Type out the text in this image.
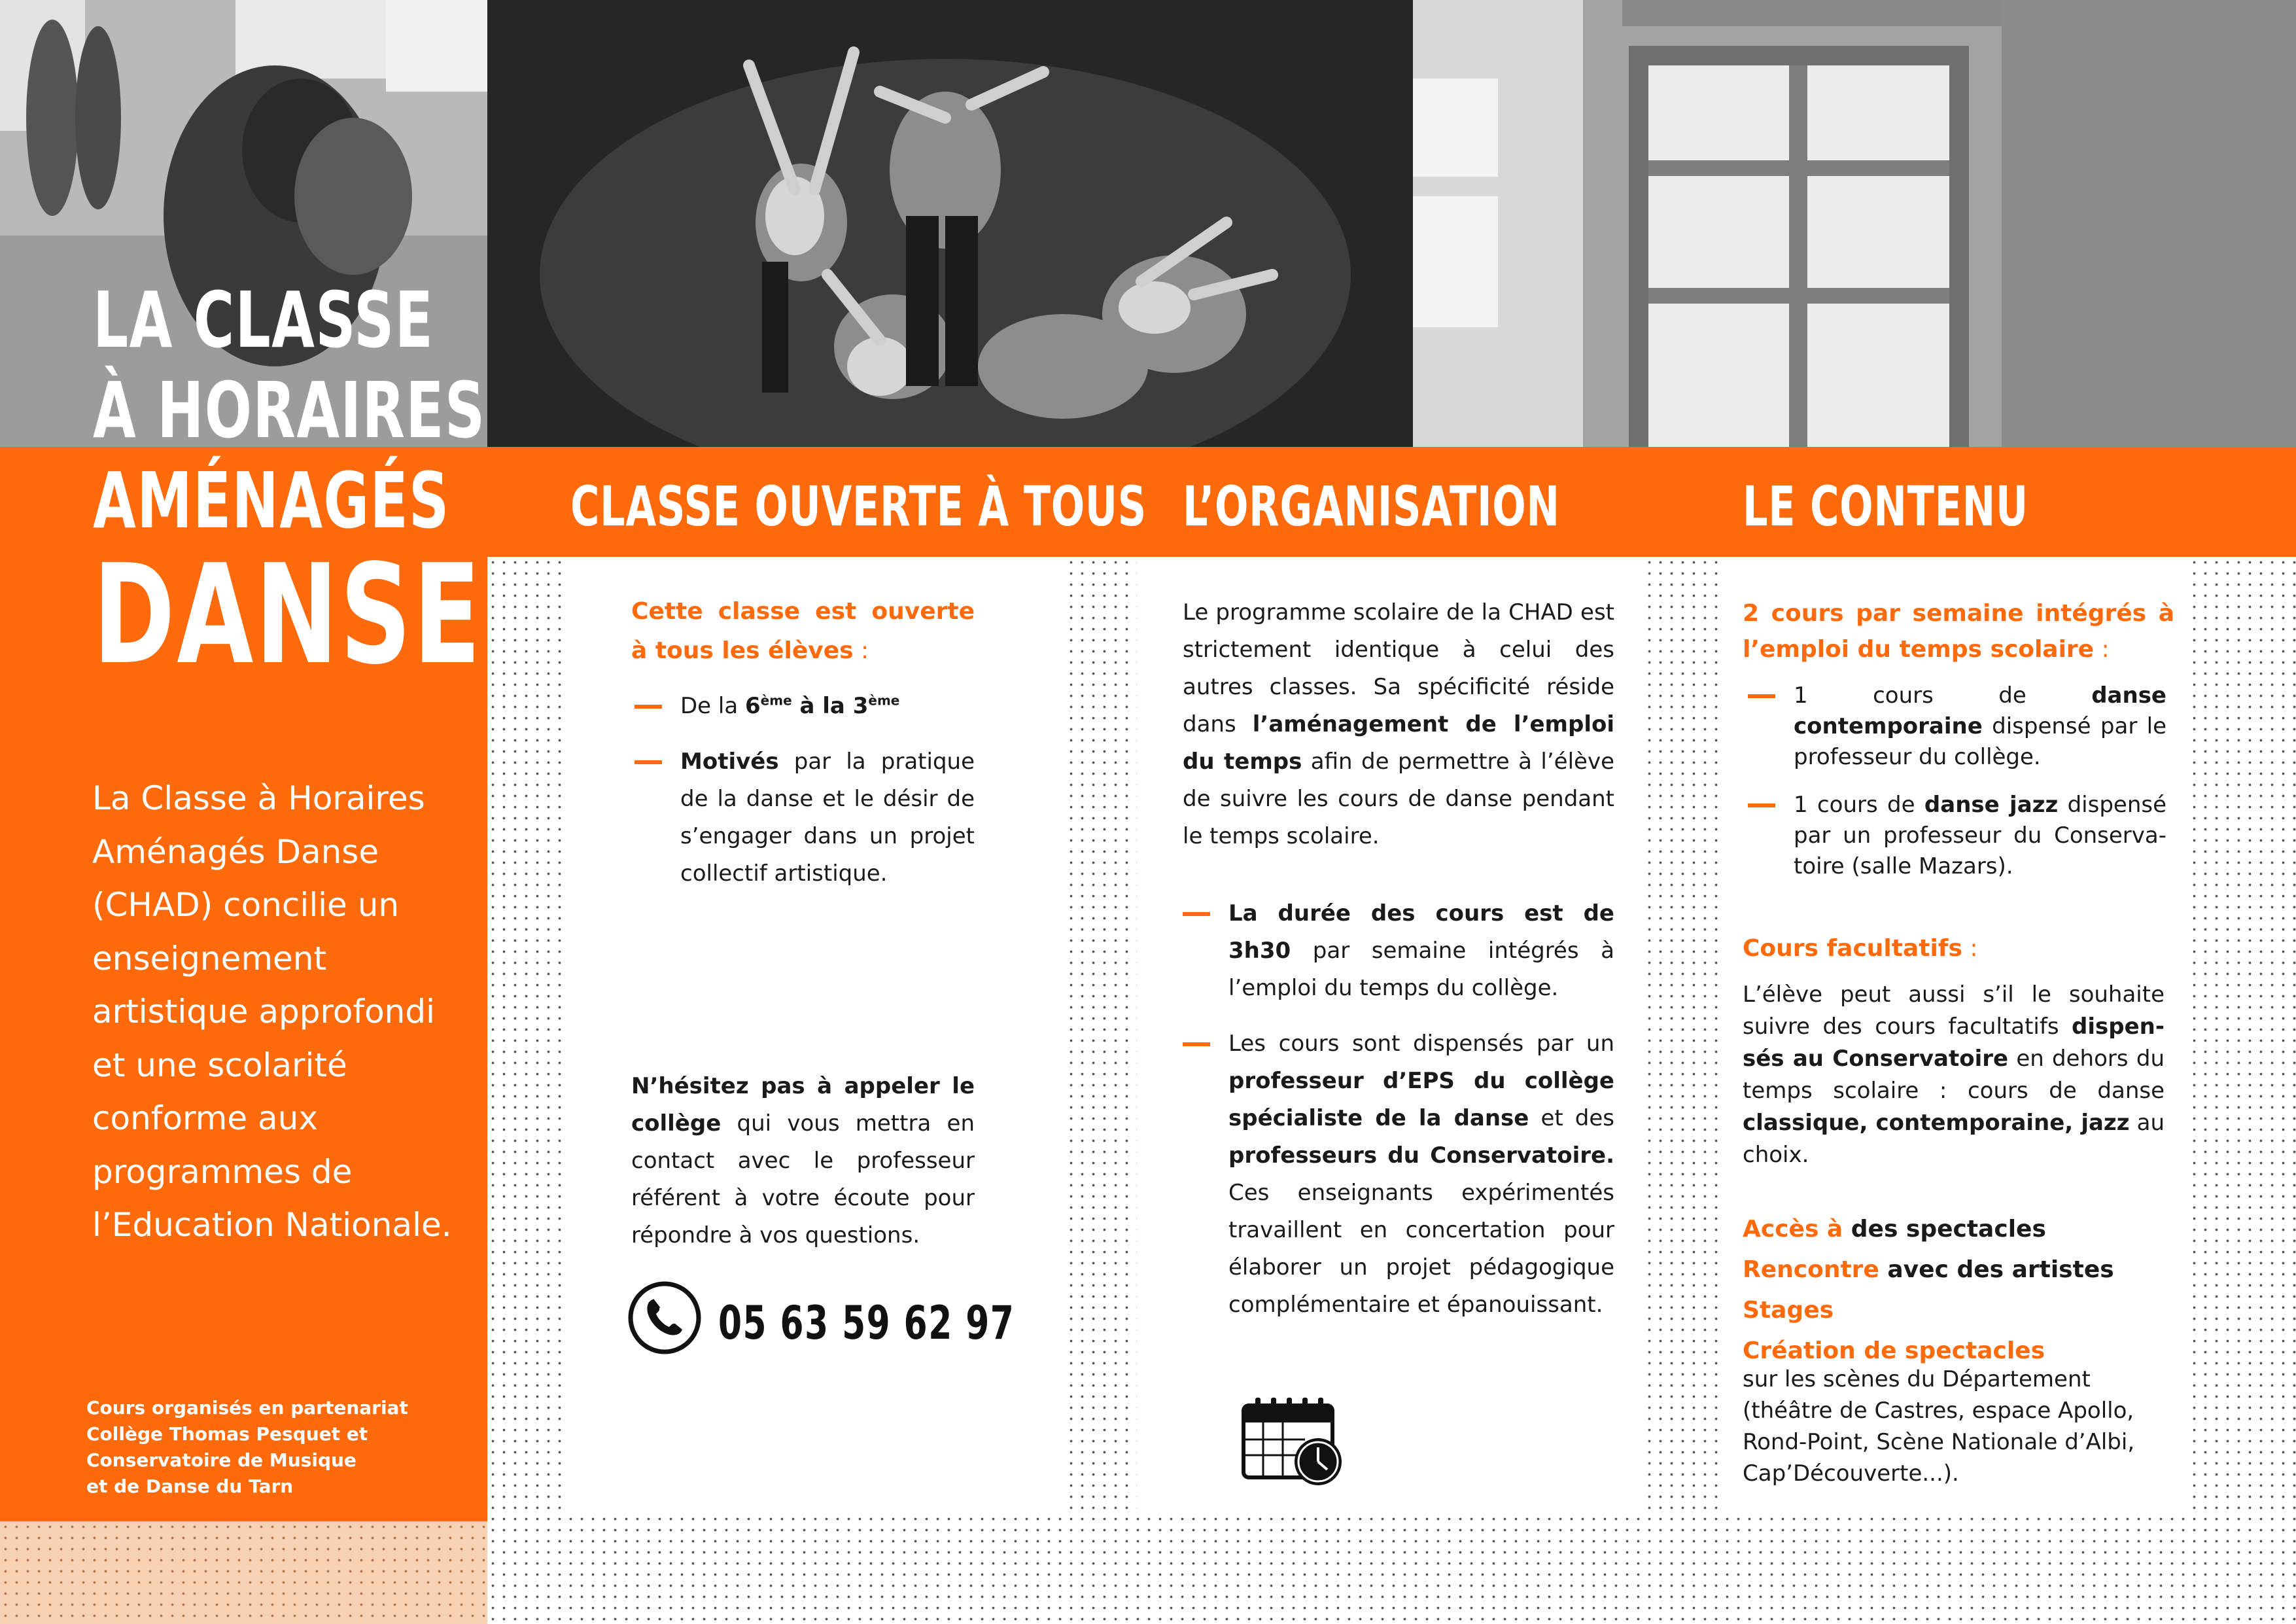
LA CLASSE
À HORAIRES
AMÉNAGÉS
DANSE
La Classe à Horaires Aménagés Danse (CHAD) concilie un enseignement artistique approfondi et une scolarité conforme aux programmes de l’Education Nationale.
Cours organisés en partenariat
Collège Thomas Pesquet et
Conservatoire de Musique
et de Danse du Tarn
CLASSE OUVERTE À TOUS L’ORGANISATION	LE CONTENU
Cette classe est ouverte à tous les élèves :
De la 6ème à la 3ème
Motivés par la pratique de la danse et le désir de s’engager dans un projet collectif artistique.
N’hésitez pas à appeler le collège qui vous mettra en contact avec le professeur référent à votre écoute pour répondre à vos questions.
05 63 59 62 97
Le programme scolaire de la CHAD est strictement identique à celui des autres classes. Sa spécificité réside dans l’aménagement de l’emploi du temps afin de permettre à l’élève de suivre les cours de danse pendant le temps scolaire.
La durée des cours est de 3h30 par semaine intégrés à l’emploi du temps du collège.
Les cours sont dispensés par un professeur d’EPS du collège spécialiste de la danse et des professeurs du Conservatoire. Ces enseignants expérimentés travaillent en concertation pour élaborer un projet pédagogique complémentaire et épanouissant.
2 cours par semaine intégrés à l’emploi du temps scolaire :
1 cours de danse contemporaine dispensé par le professeur du collège.
1 cours de danse jazz dispensé par un professeur du Conserva-toire (salle Mazars).
Cours facultatifs :
L’élève peut aussi s’il le souhaite suivre des cours facultatifs dispen-sés au Conservatoire en dehors du temps scolaire : cours de danse classique, contemporaine, jazz au choix.
Accès à des spectacles
Rencontre avec des artistes
Stages
Création de spectacles
sur les scènes du Département (théâtre de Castres, espace Apollo, Rond-Point, Scène Nationale d’Albi, Cap’Découverte...).
